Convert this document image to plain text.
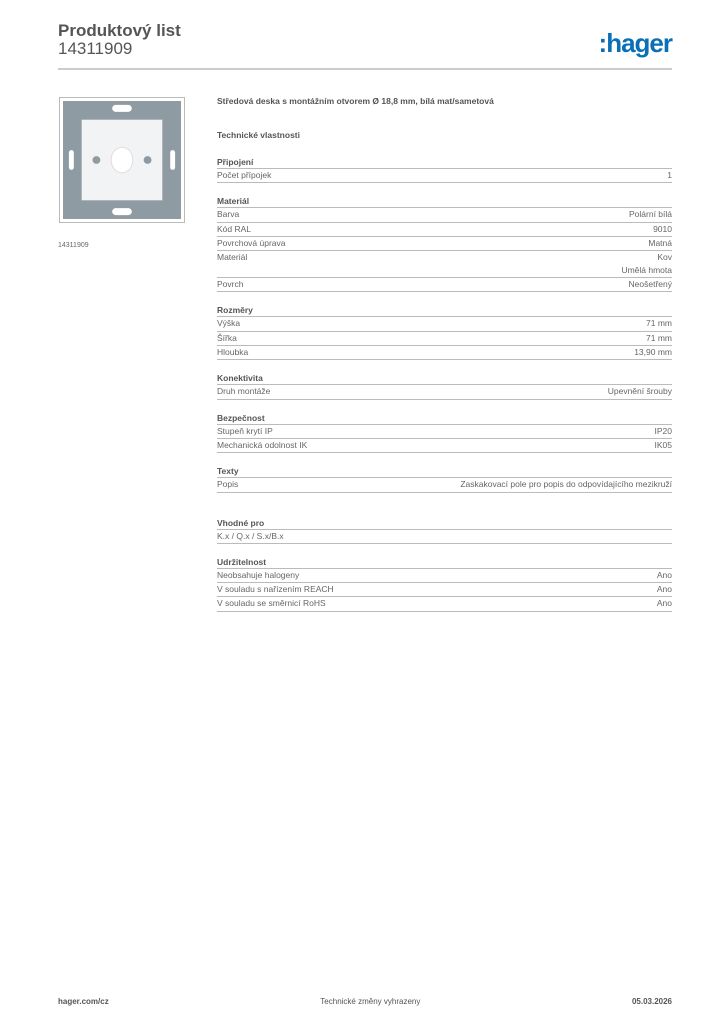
Produktový list
14311909	:hager
14311909
Středová deska s montážním otvorem Ø 18,8 mm, bílá mat/sametová
Technické vlastnosti
Připojení
Počet přípojek	1
Materiál
Barva	Polární bílá
Kód RAL	9010
Povrchová úprava	Matná
Materiál	Kov
Umělá hmota
Povrch	Neošetřený
Rozměry
Výška	71 mm
Šířka	71 mm
Hloubka	13,90 mm
Konektivita
Druh montáže	Upevnění šrouby
Bezpečnost
Stupeň krytí IP	IP20
Mechanická odolnost IK	IK05
Texty
Popis	Zaskakovací pole pro popis do odpovídajícího mezikruží
Vhodné pro
K.x / Q.x / S.x/B.x
Udržitelnost
Neobsahuje halogeny	Ano
V souladu s nařízením REACH	Ano
V souladu se směrnicí RoHS	Ano
hager.com/cz	Technické změny vyhrazeny	05.03.2026
